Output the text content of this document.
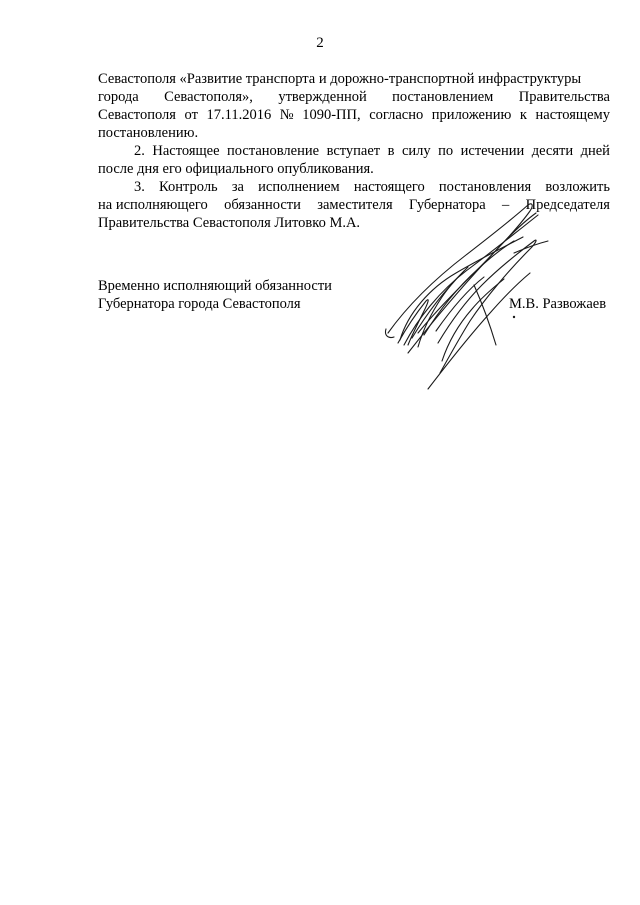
2
Севастополя «Развитие транспорта и дорожно-транспортной инфраструктуры
города Севастополя», утвержденной постановлением Правительства
Севастополя от 17.11.2016 № 1090-ПП, согласно приложению к настоящему
постановлению.
2. Настоящее постановление вступает в силу по истечении десяти дней
после дня его официального опубликования.
3. Контроль за исполнением настоящего постановления возложить
на исполняющего обязанности заместителя Губернатора – Председателя
Правительства Севастополя Литовко М.А.
Временно исполняющий обязанности
Губернатора города Севастополя	М.В. Развожаев
